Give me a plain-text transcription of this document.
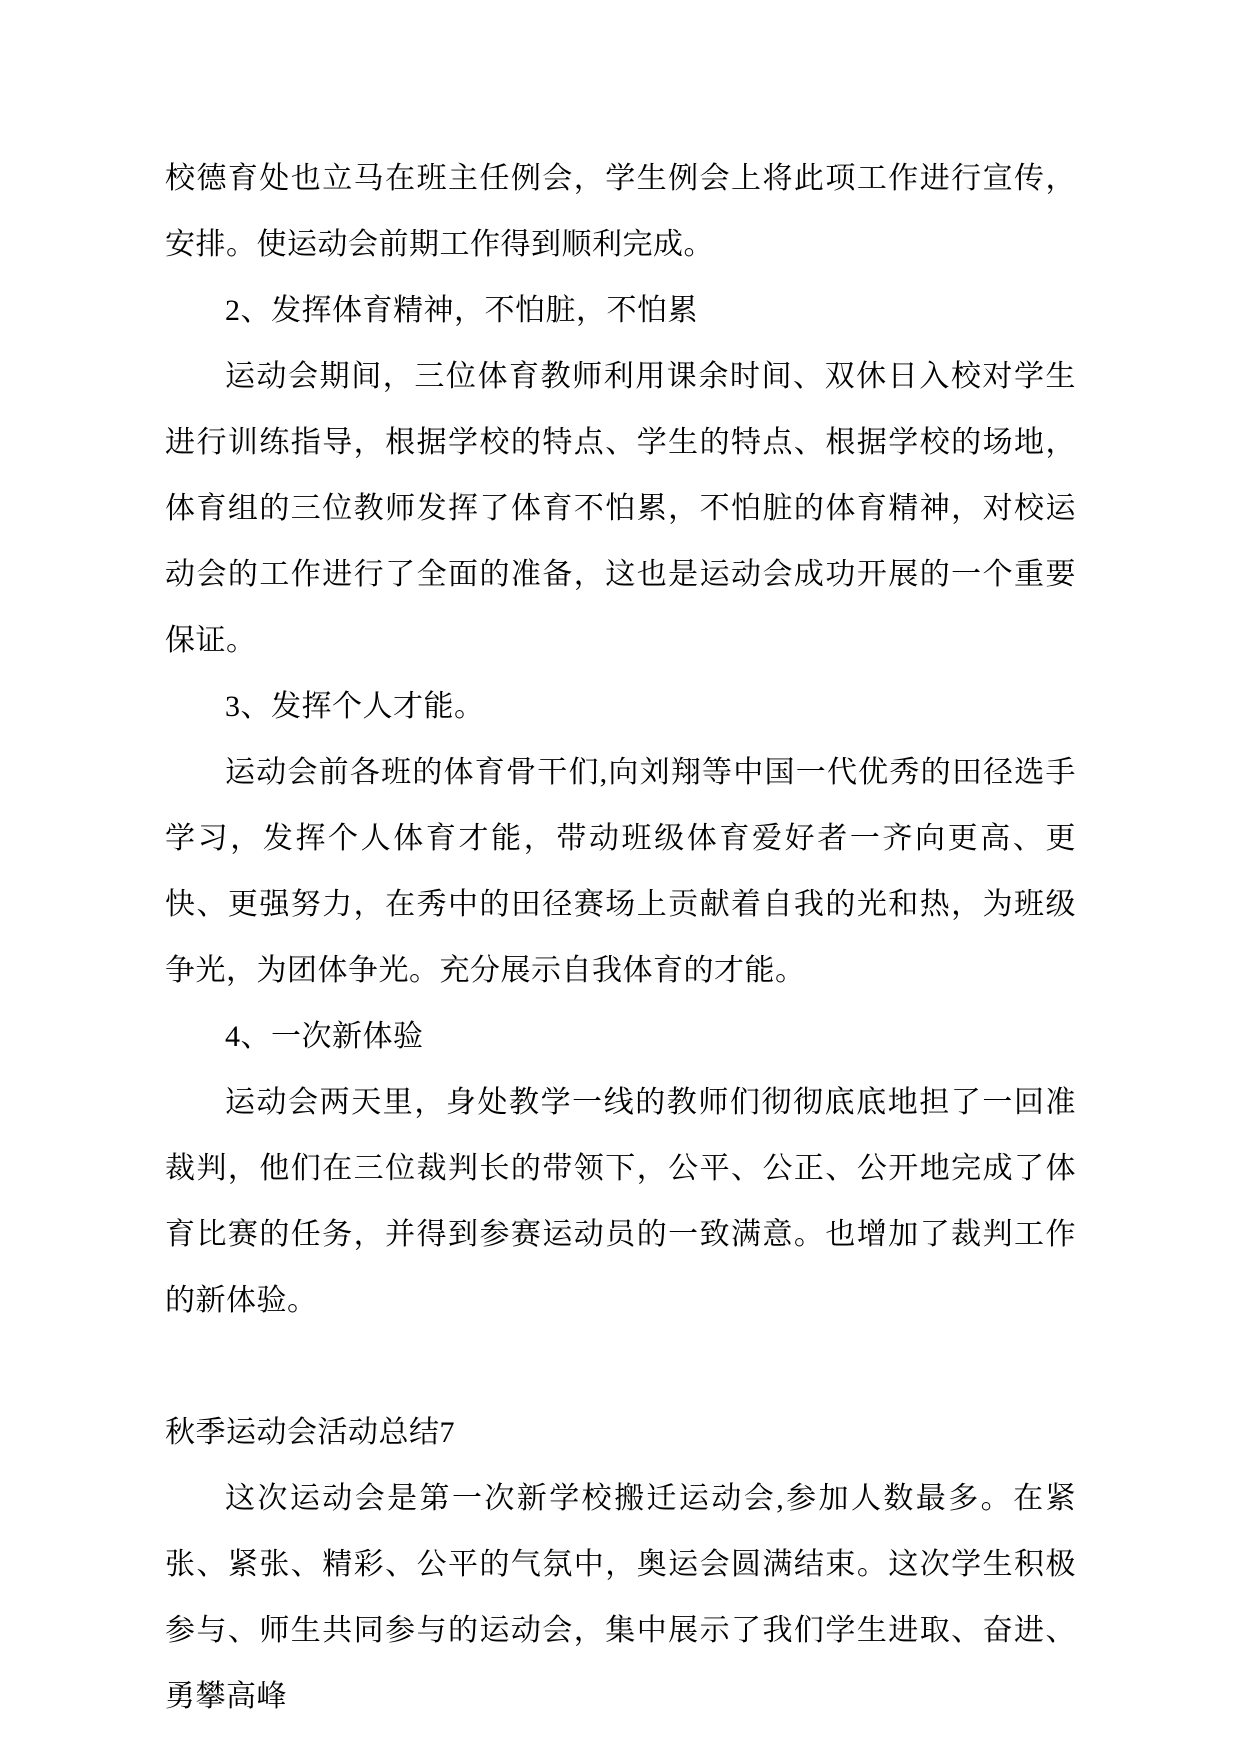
校德育处也立马在班主任例会，学生例会上将此项工作进行宣传，安排。使运动会前期工作得到顺利完成。

2、发挥体育精神，不怕脏，不怕累

运动会期间，三位体育教师利用课余时间、双休日入校对学生进行训练指导，根据学校的特点、学生的特点、根据学校的场地，体育组的三位教师发挥了体育不怕累，不怕脏的体育精神，对校运动会的工作进行了全面的准备，这也是运动会成功开展的一个重要保证。

3、发挥个人才能。

运动会前各班的体育骨干们,向刘翔等中国一代优秀的田径选手学习，发挥个人体育才能，带动班级体育爱好者一齐向更高、更快、更强努力，在秀中的田径赛场上贡献着自我的光和热，为班级争光，为团体争光。充分展示自我体育的才能。

4、一次新体验

运动会两天里，身处教学一线的教师们彻彻底底地担了一回准裁判，他们在三位裁判长的带领下，公平、公正、公开地完成了体育比赛的任务，并得到参赛运动员的一致满意。也增加了裁判工作的新体验。

秋季运动会活动总结7

这次运动会是第一次新学校搬迁运动会,参加人数最多。在紧张、紧张、精彩、公平的气氛中，奥运会圆满结束。这次学生积极参与、师生共同参与的运动会，集中展示了我们学生进取、奋进、勇攀高峰
